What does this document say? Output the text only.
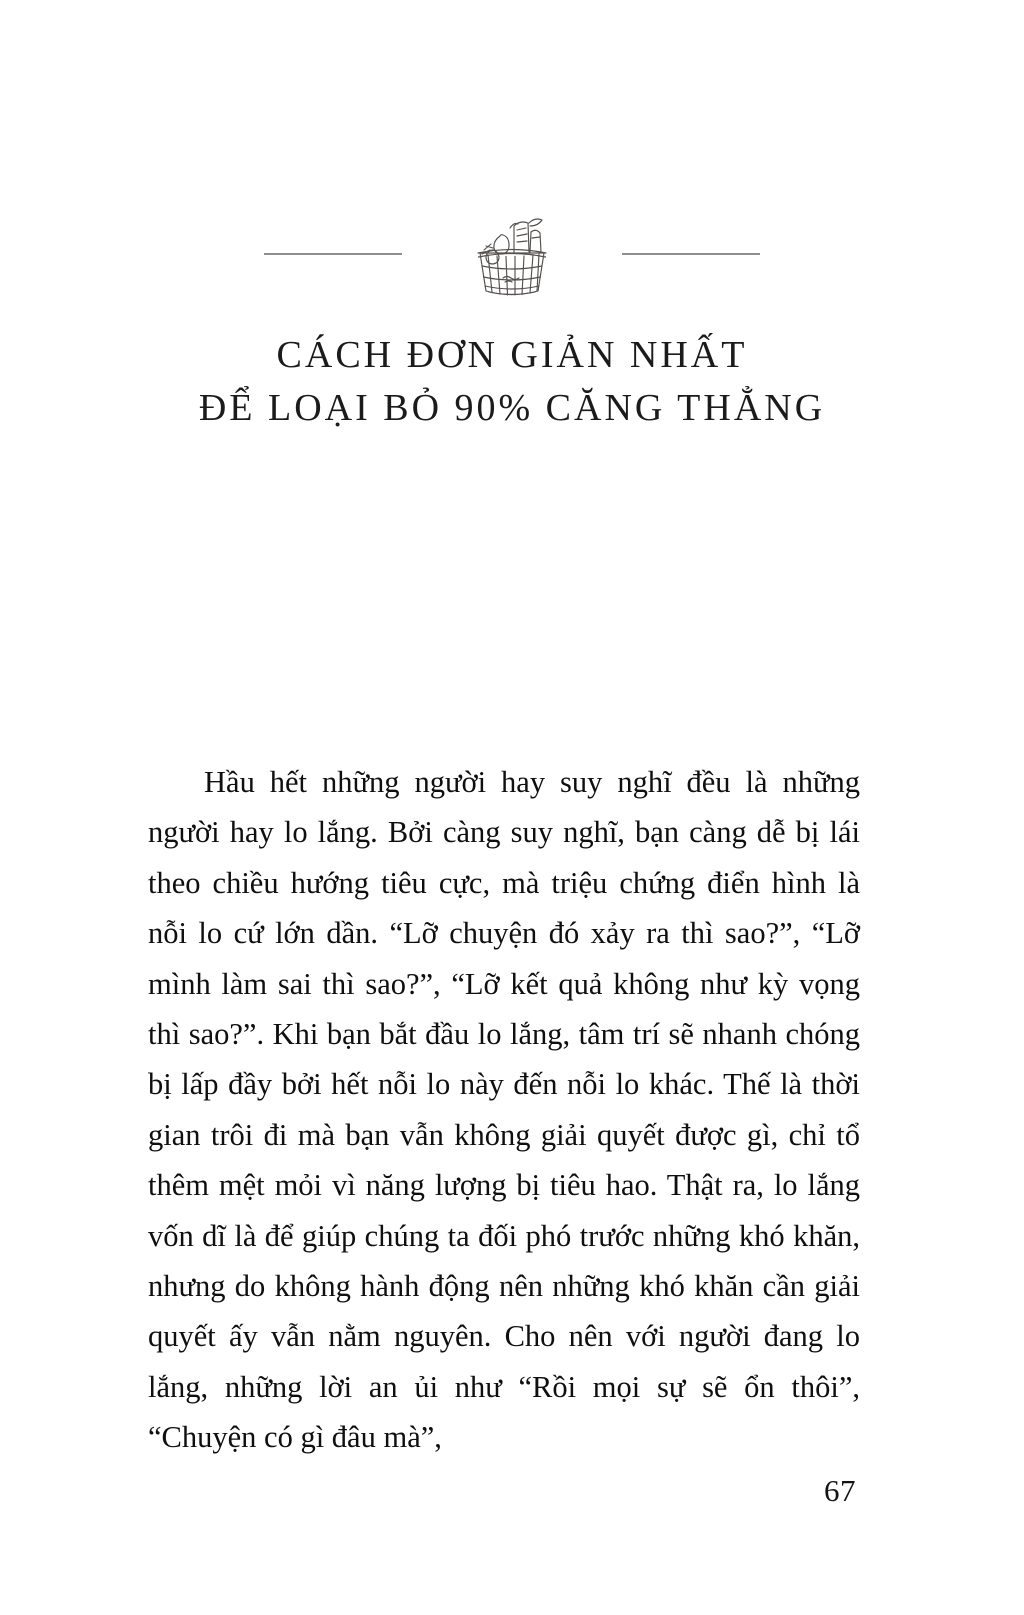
CÁCH ĐƠN GIẢN NHẤT
ĐỂ LOẠI BỎ 90% CĂNG THẲNG

Hầu hết những người hay suy nghĩ đều là những người hay lo lắng. Bởi càng suy nghĩ, bạn càng dễ bị lái theo chiều hướng tiêu cực, mà triệu chứng điển hình là nỗi lo cứ lớn dần. “Lỡ chuyện đó xảy ra thì sao?”, “Lỡ mình làm sai thì sao?”, “Lỡ kết quả không như kỳ vọng thì sao?”. Khi bạn bắt đầu lo lắng, tâm trí sẽ nhanh chóng bị lấp đầy bởi hết nỗi lo này đến nỗi lo khác. Thế là thời gian trôi đi mà bạn vẫn không giải quyết được gì, chỉ tổ thêm mệt mỏi vì năng lượng bị tiêu hao. Thật ra, lo lắng vốn dĩ là để giúp chúng ta đối phó trước những khó khăn, nhưng do không hành động nên những khó khăn cần giải quyết ấy vẫn nằm nguyên. Cho nên với người đang lo lắng, những lời an ủi như “Rồi mọi sự sẽ ổn thôi”, “Chuyện có gì đâu mà”,

67
